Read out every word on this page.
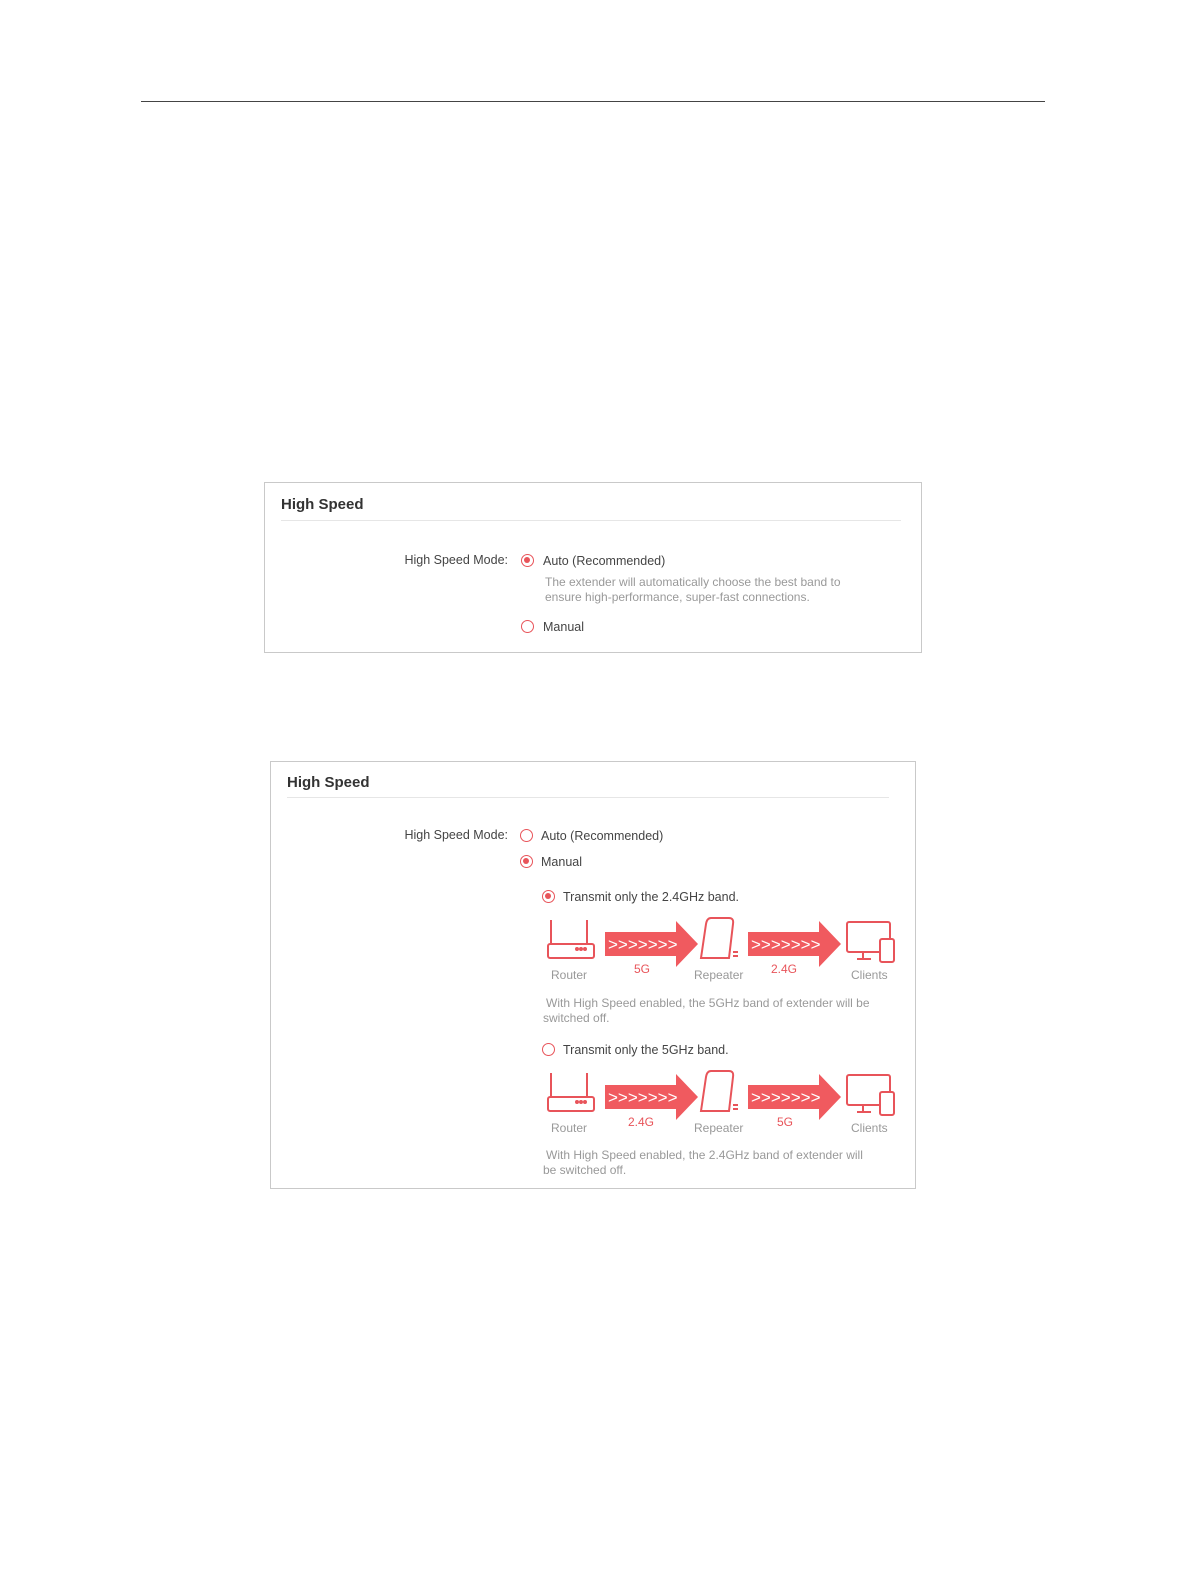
High Speed
High Speed Mode:	Auto (Recommended)
The extender will automatically choose the best band to
ensure high-performance, super-fast connections.
Manual
High Speed
High Speed Mode:	Auto (Recommended)
Manual
Transmit only the 2.4GHz band.
>>>>>>>	>>>>>>>
Router	5G	Repeater 2.4G	Clients
With High Speed enabled, the 5GHz band of extender will be
switched off.
Transmit only the 5GHz band.
>>>>>>>	>>>>>>>
Router	2.4G	Repeater	5G	Clients
With High Speed enabled, the 2.4GHz band of extender will
be switched off.
